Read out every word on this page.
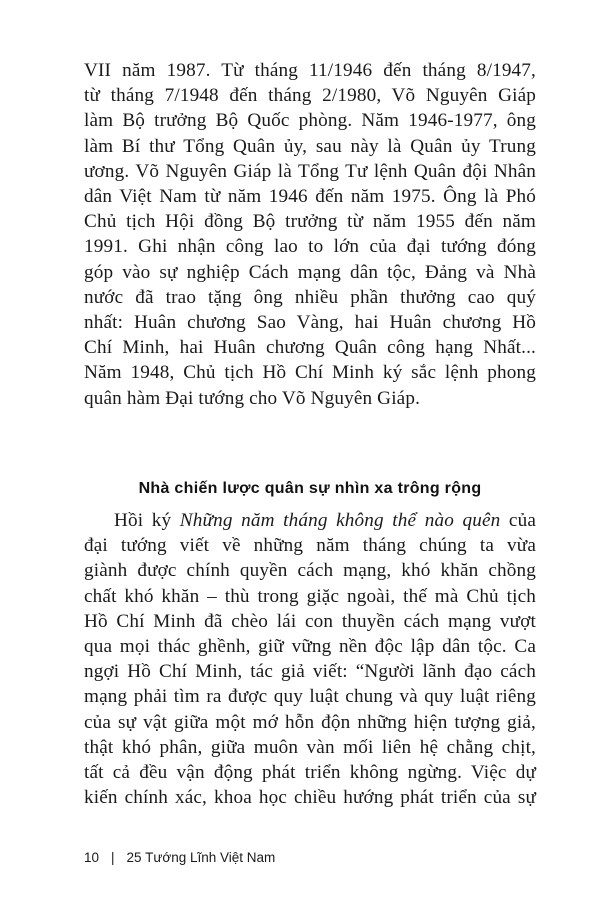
VII năm 1987. Từ tháng 11/1946 đến tháng 8/1947,
từ tháng 7/1948 đến tháng 2/1980, Võ Nguyên Giáp
làm Bộ trưởng Bộ Quốc phòng. Năm 1946-1977, ông
làm Bí thư Tổng Quân ủy, sau này là Quân ủy Trung
ương. Võ Nguyên Giáp là Tổng Tư lệnh Quân đội Nhân
dân Việt Nam từ năm 1946 đến năm 1975. Ông là Phó
Chủ tịch Hội đồng Bộ trưởng từ năm 1955 đến năm
1991. Ghi nhận công lao to lớn của đại tướng đóng
góp vào sự nghiệp Cách mạng dân tộc, Đảng và Nhà
nước đã trao tặng ông nhiều phần thưởng cao quý
nhất: Huân chương Sao Vàng, hai Huân chương Hồ
Chí Minh, hai Huân chương Quân công hạng Nhất...
Năm 1948, Chủ tịch Hồ Chí Minh ký sắc lệnh phong
quân hàm Đại tướng cho Võ Nguyên Giáp.
Nhà chiến lược quân sự nhìn xa trông rộng
Hồi ký Những năm tháng không thể nào quên của
đại tướng viết về những năm tháng chúng ta vừa
giành được chính quyền cách mạng, khó khăn chồng
chất khó khăn – thù trong giặc ngoài, thế mà Chủ tịch
Hồ Chí Minh đã chèo lái con thuyền cách mạng vượt
qua mọi thác ghềnh, giữ vững nền độc lập dân tộc. Ca
ngợi Hồ Chí Minh, tác giả viết: “Người lãnh đạo cách
mạng phải tìm ra được quy luật chung và quy luật riêng
của sự vật giữa một mớ hỗn độn những hiện tượng giả,
thật khó phân, giữa muôn vàn mối liên hệ chằng chịt,
tất cả đều vận động phát triển không ngừng. Việc dự
kiến chính xác, khoa học chiều hướng phát triển của sự
10 | 25 Tướng Lĩnh Việt Nam
